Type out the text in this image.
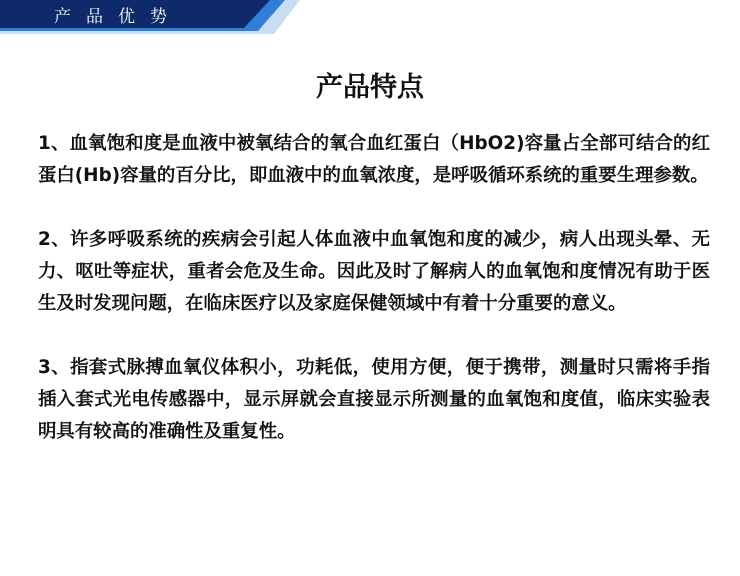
产品优势
产品特点

1、血氧饱和度是血液中被氧结合的氧合血红蛋白（HbO2)容量占全部可结合的红蛋白(Hb)容量的百分比，即血液中的血氧浓度，是呼吸循环系统的重要生理参数。

2、许多呼吸系统的疾病会引起人体血液中血氧饱和度的减少，病人出现头晕、无力、呕吐等症状，重者会危及生命。因此及时了解病人的血氧饱和度情况有助于医生及时发现问题，在临床医疗以及家庭保健领域中有着十分重要的意义。

3、指套式脉搏血氧仪体积小，功耗低，使用方便，便于携带，测量时只需将手指插入套式光电传感器中，显示屏就会直接显示所测量的血氧饱和度值，临床实验表明具有较高的准确性及重复性。
